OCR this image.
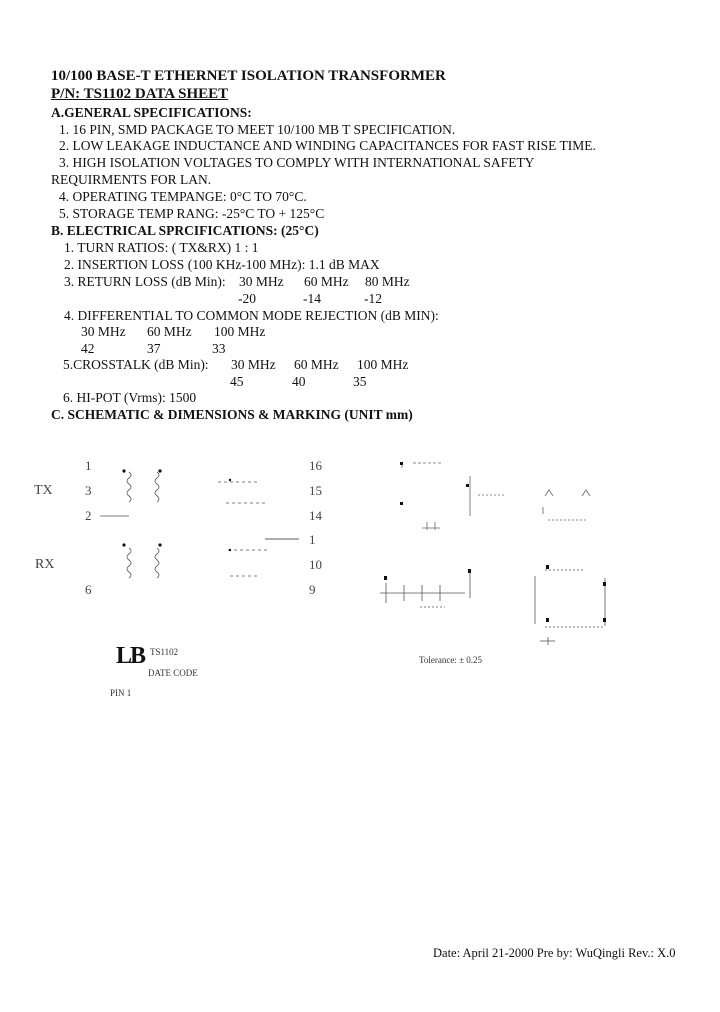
10/100 BASE-T ETHERNET ISOLATION TRANSFORMER
P/N: TS1102 DATA SHEET
A.GENERAL SPECIFICATIONS:
1. 16 PIN, SMD PACKAGE TO MEET 10/100 MB T SPECIFICATION.
2. LOW LEAKAGE INDUCTANCE AND WINDING CAPACITANCES FOR FAST RISE TIME.
3. HIGH ISOLATION VOLTAGES TO COMPLY WITH INTERNATIONAL SAFETY
REQUIRMENTS FOR LAN.
4. OPERATING TEMPANGE: 0°C TO 70°C.
5. STORAGE TEMP RANG: -25°C TO + 125°C
B. ELECTRICAL SPRCIFICATIONS: (25°C)
1. TURN RATIOS: ( TX&RX) 1 : 1
2. INSERTION LOSS (100 KHz-100 MHz): 1.1 dB MAX
3. RETURN LOSS (dB Min): 30 MHz 60 MHz 80 MHz
-20	-14	-12
4. DIFFERENTIAL TO COMMON MODE REJECTION (dB MIN):
30 MHz 60 MHz 100 MHz
42	37	33
5.CROSSTALK (dB Min): 30 MHz 60 MHz 100 MHz
45	40	35
6. HI-POT (Vrms): 1500
C. SCHEMATIC & DIMENSIONS & MARKING (UNIT mm)
TX
RX
1
3
2
6
16
15
14
1
10
9
LB TS1102
DATE CODE
PIN 1
Tolerance: ± 0.25
Date: April 21-2000 Pre by: WuQingli Rev.: X.0
